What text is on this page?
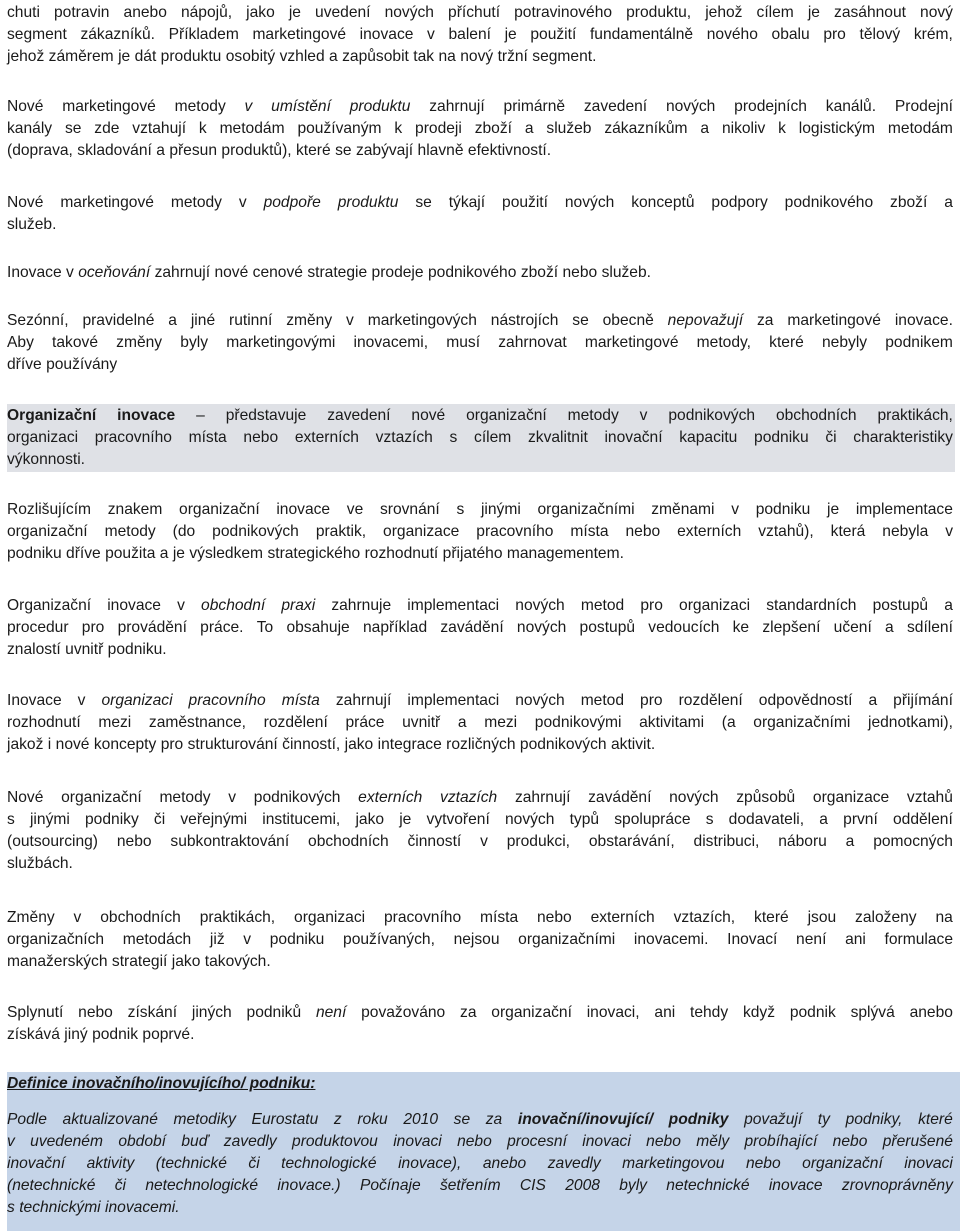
chuti potravin anebo nápojů, jako je uvedení nových příchutí potravinového produktu, jehož cílem je zasáhnout nový
segment zákazníků. Příkladem marketingové inovace v balení je použití fundamentálně nového obalu pro tělový krém,
jehož záměrem je dát produktu osobitý vzhled a zapůsobit tak na nový tržní segment.
Nové marketingové metody v umístění produktu zahrnují primárně zavedení nových prodejních kanálů. Prodejní
kanály se zde vztahují k metodám používaným k prodeji zboží a služeb zákazníkům a nikoliv k logistickým metodám
(doprava, skladování a přesun produktů), které se zabývají hlavně efektivností.
Nové marketingové metody v podpoře produktu se týkají použití nových konceptů podpory podnikového zboží a
služeb.
Inovace v oceňování zahrnují nové cenové strategie prodeje podnikového zboží nebo služeb.
Sezónní, pravidelné a jiné rutinní změny v marketingových nástrojích se obecně nepovažují za marketingové inovace.
Aby takové změny byly marketingovými inovacemi, musí zahrnovat marketingové metody, které nebyly podnikem
dříve používány
Organizační inovace – představuje zavedení nové organizační metody v podnikových obchodních praktikách,
organizaci pracovního místa nebo externích vztazích s cílem zkvalitnit inovační kapacitu podniku či charakteristiky
výkonnosti.
Rozlišujícím znakem organizační inovace ve srovnání s jinými organizačními změnami v podniku je implementace
organizační metody (do podnikových praktik, organizace pracovního místa nebo externích vztahů), která nebyla v
podniku dříve použita a je výsledkem strategického rozhodnutí přijatého managementem.
Organizační inovace v obchodní praxi zahrnuje implementaci nových metod pro organizaci standardních postupů a
procedur pro provádění práce. To obsahuje například zavádění nových postupů vedoucích ke zlepšení učení a sdílení
znalostí uvnitř podniku.
Inovace v organizaci pracovního místa zahrnují implementaci nových metod pro rozdělení odpovědností a přijímání
rozhodnutí mezi zaměstnance, rozdělení práce uvnitř a mezi podnikovými aktivitami (a organizačními jednotkami),
jakož i nové koncepty pro strukturování činností, jako integrace rozličných podnikových aktivit.
Nové organizační metody v podnikových externích vztazích zahrnují zavádění nových způsobů organizace vztahů
s jinými podniky či veřejnými institucemi, jako je vytvoření nových typů spolupráce s dodavateli, a první oddělení
(outsourcing) nebo subkontraktování obchodních činností v produkci, obstarávání, distribuci, náboru a pomocných
službách.
Změny v obchodních praktikách, organizaci pracovního místa nebo externích vztazích, které jsou založeny na
organizačních metodách již v podniku používaných, nejsou organizačními inovacemi. Inovací není ani formulace
manažerských strategií jako takových.
Splynutí nebo získání jiných podniků není považováno za organizační inovaci, ani tehdy když podnik splývá anebo
získává jiný podnik poprvé.
Definice inovačního/inovujícího/ podniku:
Podle aktualizované metodiky Eurostatu z roku 2010 se za inovační/inovující/ podniky považují ty podniky, které
v uvedeném období buď zavedly produktovou inovaci nebo procesní inovaci nebo měly probíhající nebo přerušené
inovační aktivity (technické či technologické inovace), anebo zavedly marketingovou nebo organizační inovaci
(netechnické či netechnologické inovace.) Počínaje šetřením CIS 2008 byly netechnické inovace zrovnoprávněny
s technickými inovacemi.
